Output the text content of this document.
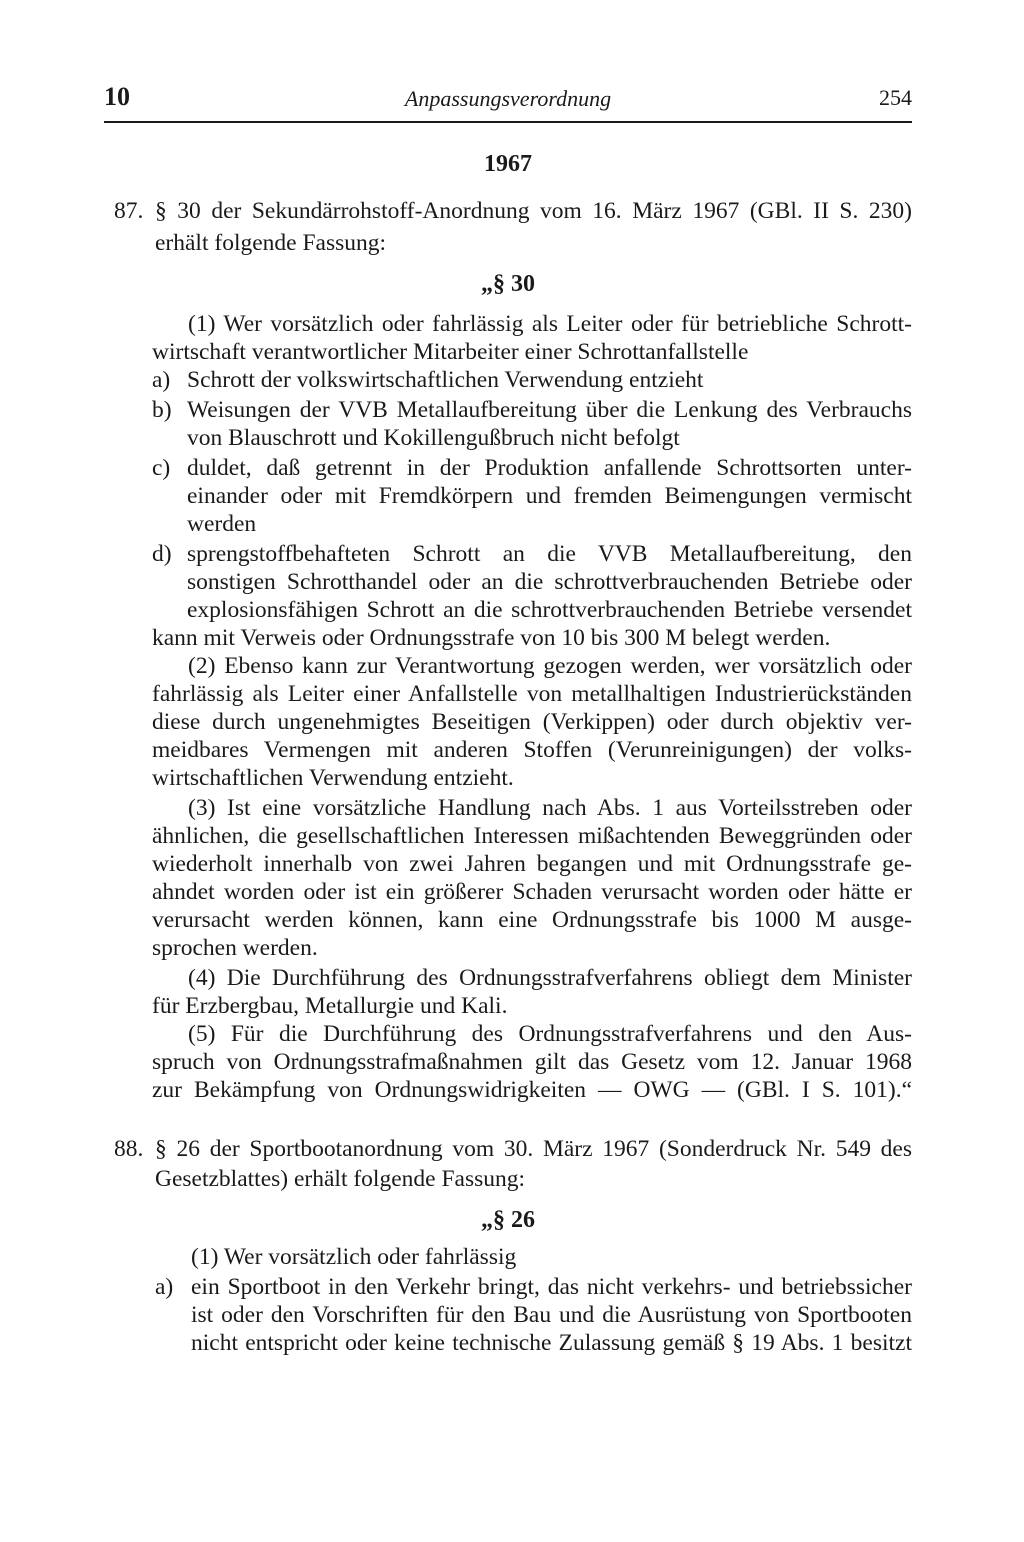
10	Anpassungsverordnung	254
1967
87. § 30 der Sekundärrohstoff-Anordnung vom 16. März 1967 (GBl. II S. 230)
erhält folgende Fassung:
„§ 30
(1) Wer vorsätzlich oder fahrlässig als Leiter oder für betriebliche Schrott-
wirtschaft verantwortlicher Mitarbeiter einer Schrottanfallstelle
a) Schrott der volkswirtschaftlichen Verwendung entzieht
b) Weisungen der VVB Metallaufbereitung über die Lenkung des Verbrauchs
von Blauschrott und Kokillengußbruch nicht befolgt
c) duldet, daß getrennt in der Produktion anfallende Schrottsorten unter-
einander oder mit Fremdkörpern und fremden Beimengungen vermischt
werden
d) sprengstoffbehafteten Schrott an die VVB Metallaufbereitung, den
sonstigen Schrotthandel oder an die schrottverbrauchenden Betriebe oder
explosionsfähigen Schrott an die schrottverbrauchenden Betriebe versendet
kann mit Verweis oder Ordnungsstrafe von 10 bis 300 M belegt werden.
(2) Ebenso kann zur Verantwortung gezogen werden, wer vorsätzlich oder
fahrlässig als Leiter einer Anfallstelle von metallhaltigen Industrierückständen
diese durch ungenehmigtes Beseitigen (Verkippen) oder durch objektiv ver-
meidbares Vermengen mit anderen Stoffen (Verunreinigungen) der volks-
wirtschaftlichen Verwendung entzieht.
(3) Ist eine vorsätzliche Handlung nach Abs. 1 aus Vorteilsstreben oder
ähnlichen, die gesellschaftlichen Interessen mißachtenden Beweggründen oder
wiederholt innerhalb von zwei Jahren begangen und mit Ordnungsstrafe ge-
ahndet worden oder ist ein größerer Schaden verursacht worden oder hätte er
verursacht werden können, kann eine Ordnungsstrafe bis 1000 M ausge-
sprochen werden.
(4) Die Durchführung des Ordnungsstrafverfahrens obliegt dem Minister
für Erzbergbau, Metallurgie und Kali.
(5) Für die Durchführung des Ordnungsstrafverfahrens und den Aus-
spruch von Ordnungsstrafmaßnahmen gilt das Gesetz vom 12. Januar 1968
zur Bekämpfung von Ordnungswidrigkeiten — OWG — (GBl. I S. 101).“
88. § 26 der Sportbootanordnung vom 30. März 1967 (Sonderdruck Nr. 549 des
Gesetzblattes) erhält folgende Fassung:
„§ 26
(1) Wer vorsätzlich oder fahrlässig
a) ein Sportboot in den Verkehr bringt, das nicht verkehrs- und betriebssicher
ist oder den Vorschriften für den Bau und die Ausrüstung von Sportbooten
nicht entspricht oder keine technische Zulassung gemäß § 19 Abs. 1 besitzt
